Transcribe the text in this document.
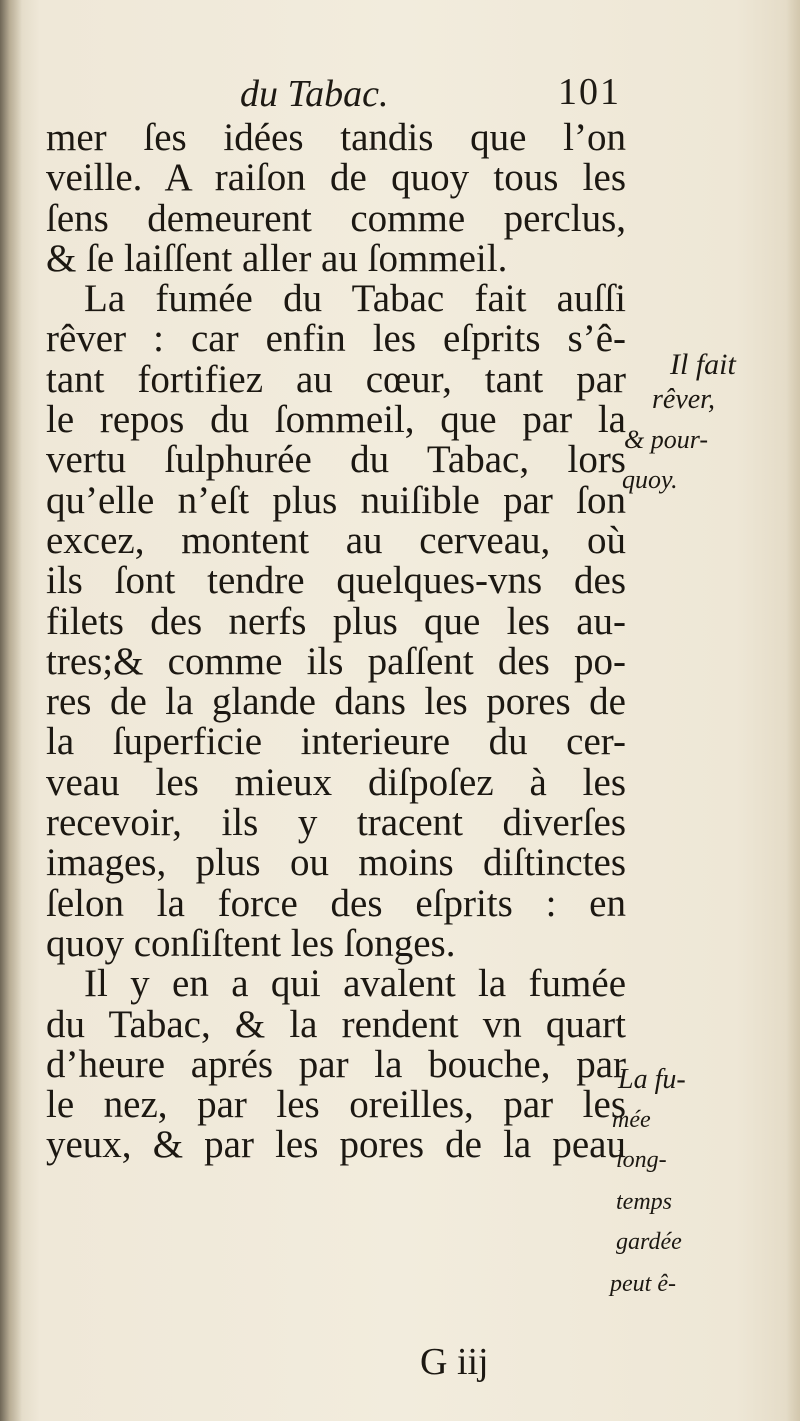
du Tabac.	101
mer ſes idées tandis que l’on
veille. A raiſon de quoy tous les
ſens demeurent comme perclus,
& ſe laiſſent aller au ſommeil.
La fumée du Tabac fait auſſi
rêver : car enfin les eſprits s’ê-
tant fortifiez au cœur, tant par
le repos du ſommeil, que par la
vertu ſulphurée du Tabac, lors
qu’elle n’eſt plus nuiſible par ſon
excez, montent au cerveau, où
ils ſont tendre quelques-vns des
filets des nerfs plus que les au-
tres;& comme ils paſſent des po-
res de la glande dans les pores de
la ſuperficie interieure du cer-
veau les mieux diſpoſez à les
recevoir, ils y tracent diverſes
images, plus ou moins diſtinctes
ſelon la force des eſprits : en
quoy conſiſtent les ſonges.
Il y en a qui avalent la fumée
du Tabac, & la rendent vn quart
d’heure aprés par la bouche, par
le nez, par les oreilles, par les
yeux, & par les pores de la peau
Il fait
rêver,
& pour-
quoy.
La fu-
mée
long-
temps
gardée
peut ê-
G iij
